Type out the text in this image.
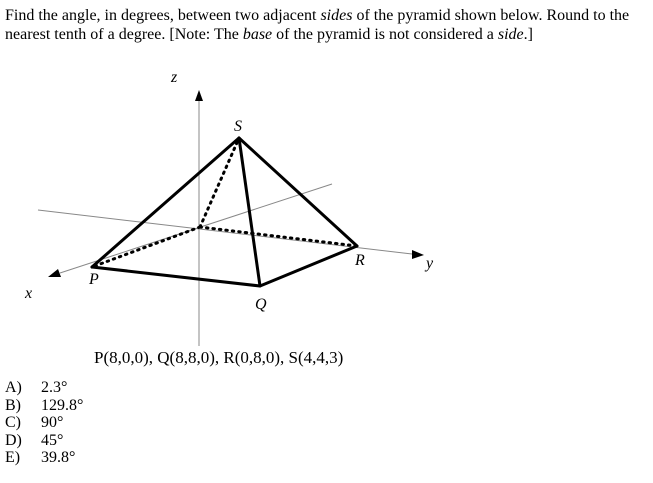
Find the angle, in degrees, between two adjacent sides of the pyramid shown below. Round to the nearest tenth of a degree. [Note: The base of the pyramid is not considered a side.]
z
y
x
S
P
Q
R
P(8,0,0), Q(8,8,0), R(0,8,0), S(4,4,3)
A)	2.3°
B)	129.8°
C)	90°
D)	45°
E)	39.8°
